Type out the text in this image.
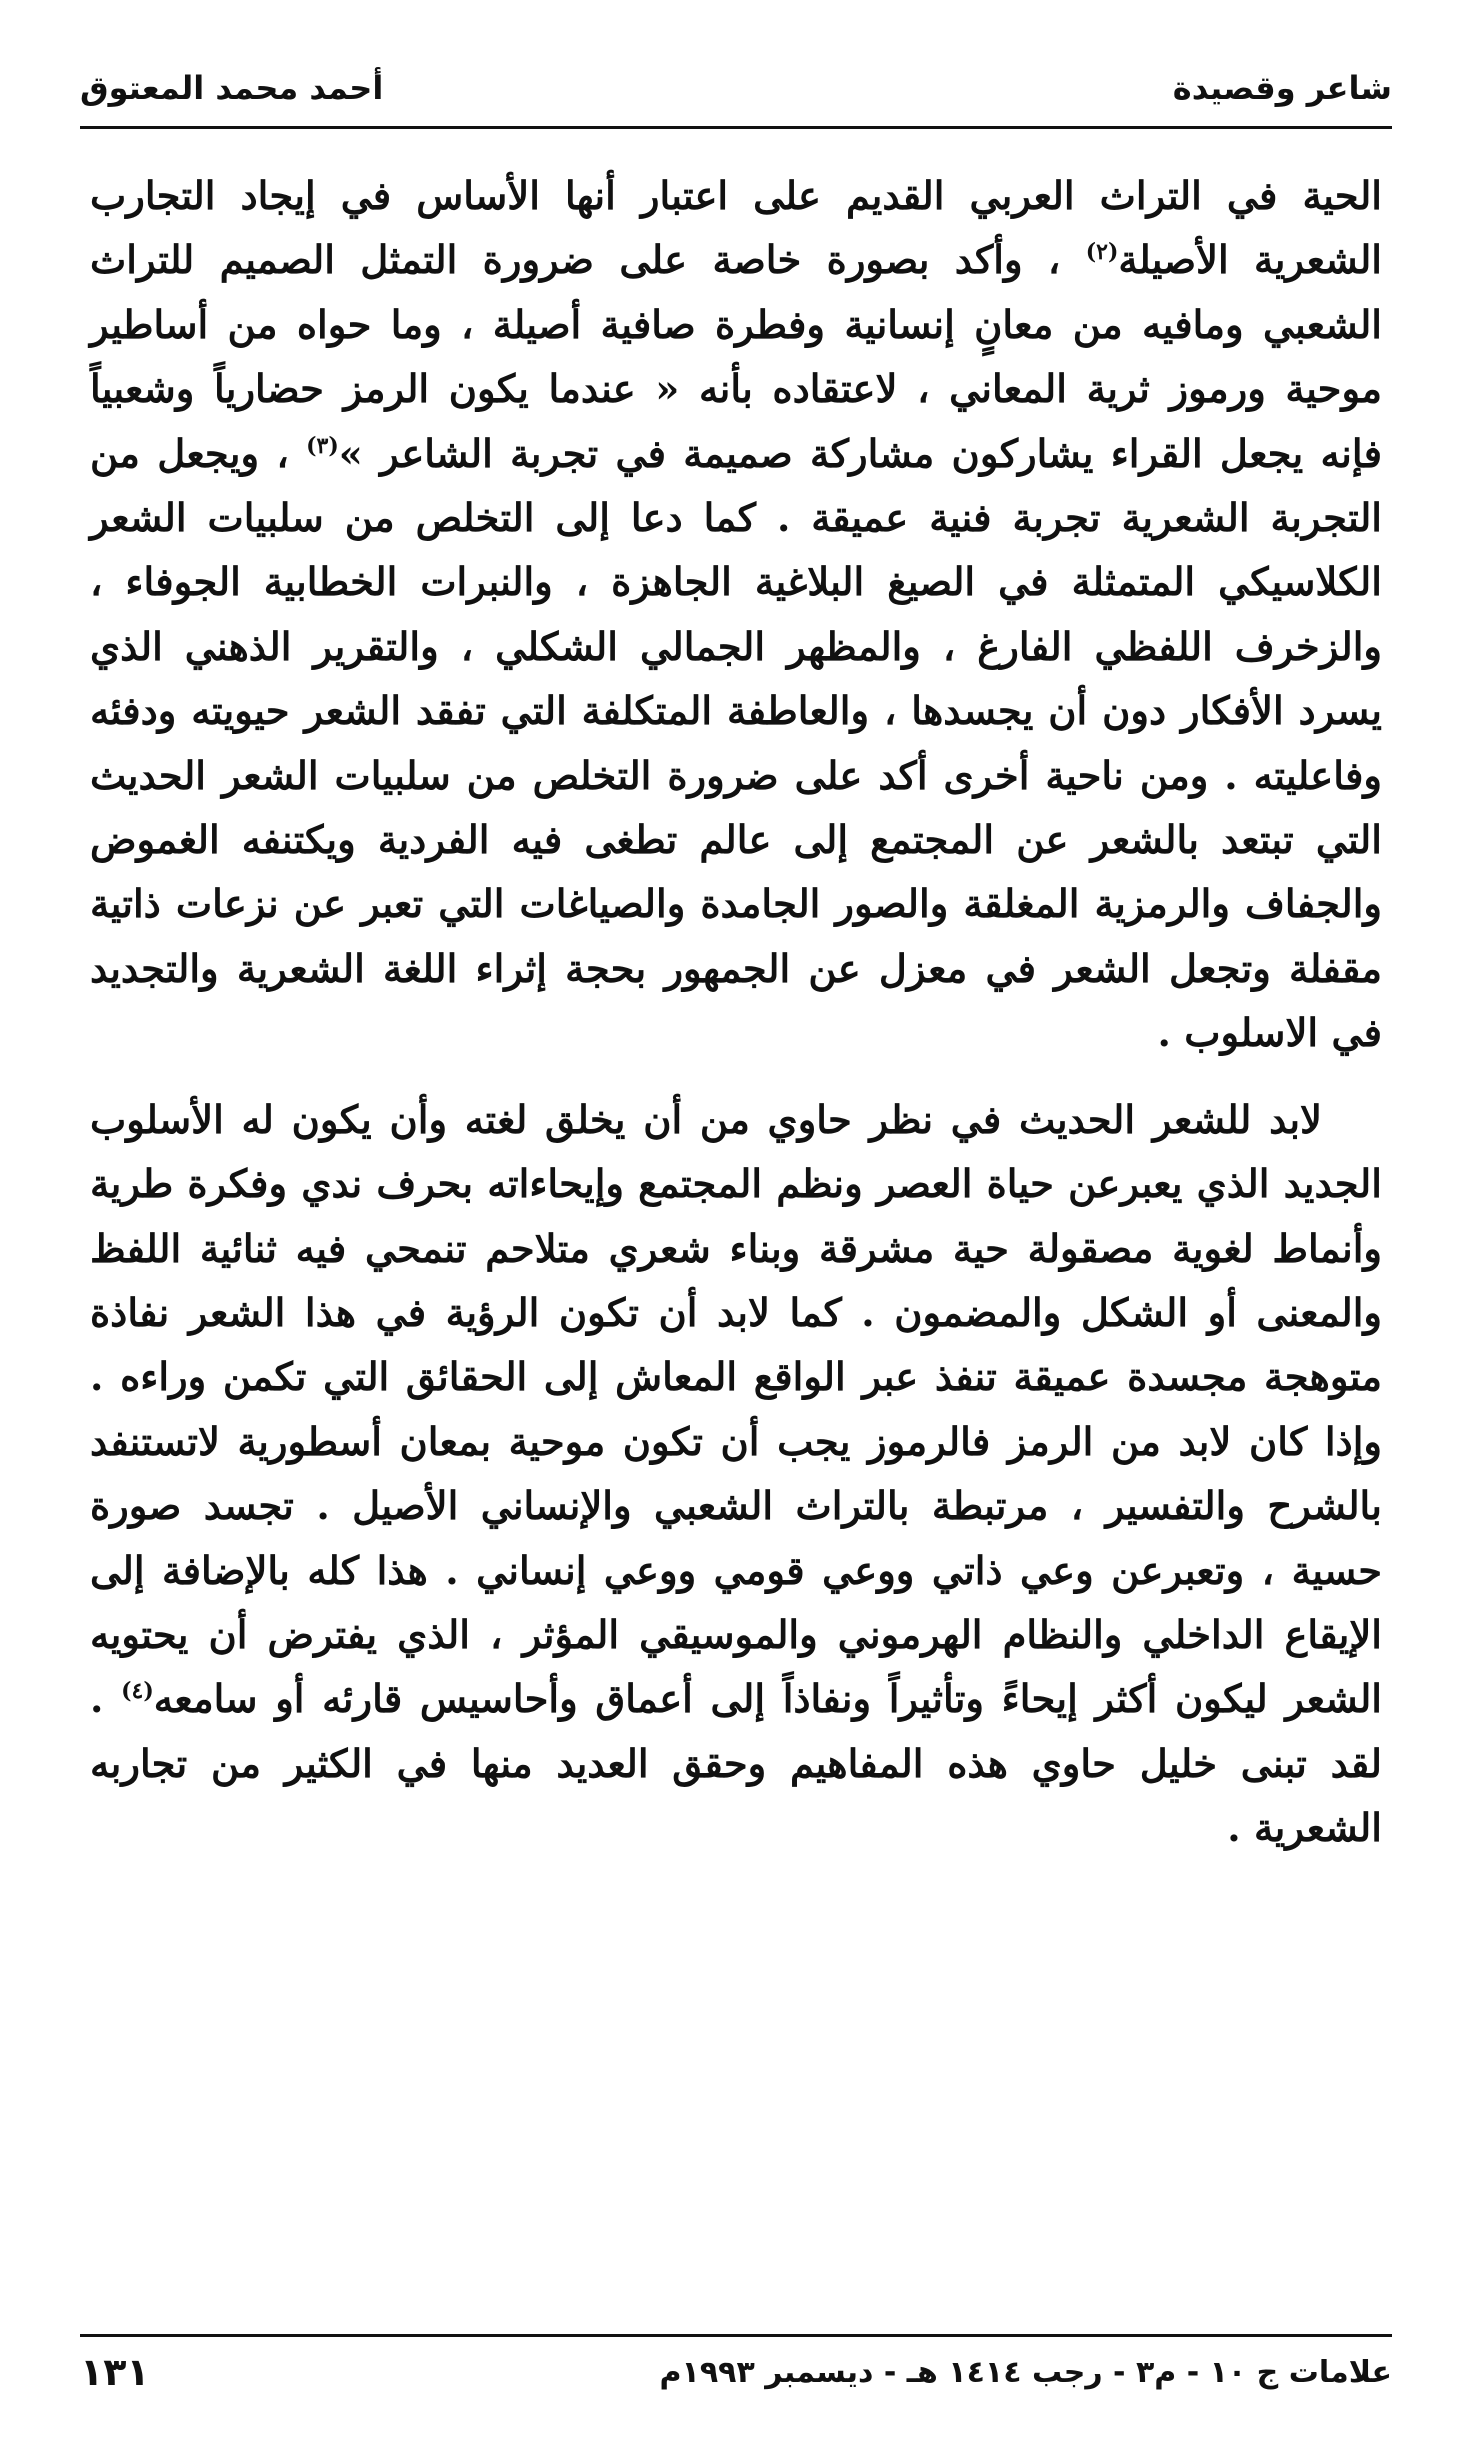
شاعر وقصيدة
أحمد محمد المعتوق

الحية في التراث العربي القديم على اعتبار أنها الأساس في إيجاد التجارب الشعرية الأصيلة$^{(٢)}$ ، وأكد بصورة خاصة على ضرورة التمثل الصميم للتراث الشعبي ومافيه من معانٍ إنسانية وفطرة صافية أصيلة ، وما حواه من أساطير موحية ورموز ثرية المعاني ، لاعتقاده بأنه « عندما يكون الرمز حضارياً وشعبياً فإنه يجعل القراء يشاركون مشاركة صميمة في تجربة الشاعر »$^{(٣)}$ ، ويجعل من التجربة الشعرية تجربة فنية عميقة . كما دعا إلى التخلص من سلبيات الشعر الكلاسيكي المتمثلة في الصيغ البلاغية الجاهزة ، والنبرات الخطابية الجوفاء ، والزخرف اللفظي الفارغ ، والمظهر الجمالي الشكلي ، والتقرير الذهني الذي يسرد الأفكار دون أن يجسدها ، والعاطفة المتكلفة التي تفقد الشعر حيويته ودفئه وفاعليته . ومن ناحية أخرى أكد على ضرورة التخلص من سلبيات الشعر الحديث التي تبتعد بالشعر عن المجتمع إلى عالم تطغى فيه الفردية ويكتنفه الغموض والجفاف والرمزية المغلقة والصور الجامدة والصياغات التي تعبر عن نزعات ذاتية مقفلة وتجعل الشعر في معزل عن الجمهور بحجة إثراء اللغة الشعرية والتجديد في الاسلوب .

لابد للشعر الحديث في نظر حاوي من أن يخلق لغته وأن يكون له الأسلوب الجديد الذي يعبرعن حياة العصر ونظم المجتمع وإيحاءاته بحرف ندي وفكرة طرية وأنماط لغوية مصقولة حية مشرقة وبناء شعري متلاحم تنمحي فيه ثنائية اللفظ والمعنى أو الشكل والمضمون . كما لابد أن تكون الرؤية في هذا الشعر نفاذة متوهجة مجسدة عميقة تنفذ عبر الواقع المعاش إلى الحقائق التي تكمن وراءه . وإذا كان لابد من الرمز فالرموز يجب أن تكون موحية بمعان أسطورية لاتستنفد بالشرح والتفسير ، مرتبطة بالتراث الشعبي والإنساني الأصيل . تجسد صورة حسية ، وتعبرعن وعي ذاتي ووعي قومي ووعي إنساني . هذا كله بالإضافة إلى الإيقاع الداخلي والنظام الهرموني والموسيقي المؤثر ، الذي يفترض أن يحتويه الشعر ليكون أكثر إيحاءً وتأثيراً ونفاذاً إلى أعماق وأحاسيس قارئه أو سامعه$^{(٤)}$ . لقد تبنى خليل حاوي هذه المفاهيم وحقق العديد منها في الكثير من تجاربه الشعرية .

علامات ج ١٠ - م٣ - رجب ١٤١٤ هـ - ديسمبر ١٩٩٣م
١٣١
